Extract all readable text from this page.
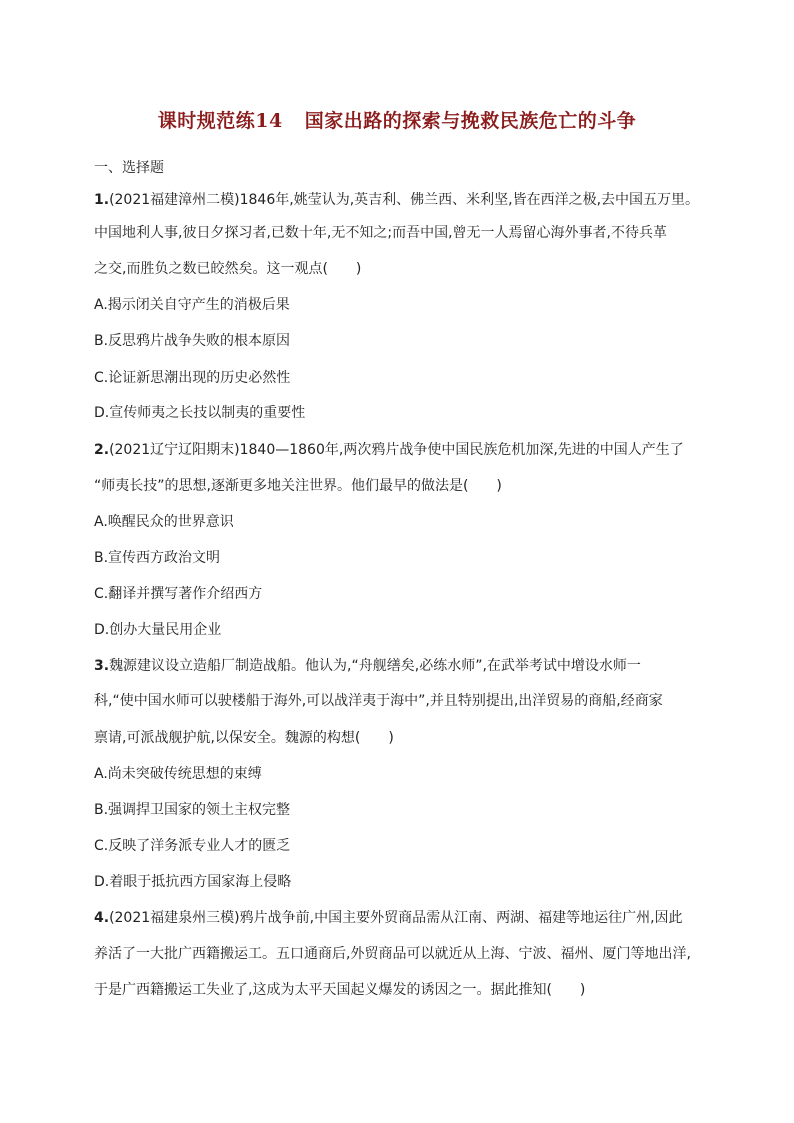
课时规范练14 国家出路的探索与挽救民族危亡的斗争
一、选择题
1.(2021福建漳州二模)1846年,姚莹认为,英吉利、佛兰西、米利坚,皆在西洋之极,去中国五万里。
中国地利人事,彼日夕探习者,已数十年,无不知之;而吾中国,曾无一人焉留心海外事者,不待兵革
之交,而胜负之数已皎然矣。这一观点(　　)
A.揭示闭关自守产生的消极后果
B.反思鸦片战争失败的根本原因
C.论证新思潮出现的历史必然性
D.宣传师夷之长技以制夷的重要性
2.(2021辽宁辽阳期末)1840—1860年,两次鸦片战争使中国民族危机加深,先进的中国人产生了
“师夷长技”的思想,逐渐更多地关注世界。他们最早的做法是(　　)
A.唤醒民众的世界意识
B.宣传西方政治文明
C.翻译并撰写著作介绍西方
D.创办大量民用企业
3.魏源建议设立造船厂制造战船。他认为,“舟舰缮矣,必练水师”,在武举考试中增设水师一
科,“使中国水师可以驶楼船于海外,可以战洋夷于海中”,并且特别提出,出洋贸易的商船,经商家
禀请,可派战舰护航,以保安全。魏源的构想(　　)
A.尚未突破传统思想的束缚
B.强调捍卫国家的领土主权完整
C.反映了洋务派专业人才的匮乏
D.着眼于抵抗西方国家海上侵略
4.(2021福建泉州三模)鸦片战争前,中国主要外贸商品需从江南、两湖、福建等地运往广州,因此
养活了一大批广西籍搬运工。五口通商后,外贸商品可以就近从上海、宁波、福州、厦门等地出洋,
于是广西籍搬运工失业了,这成为太平天国起义爆发的诱因之一。据此推知(　　)
